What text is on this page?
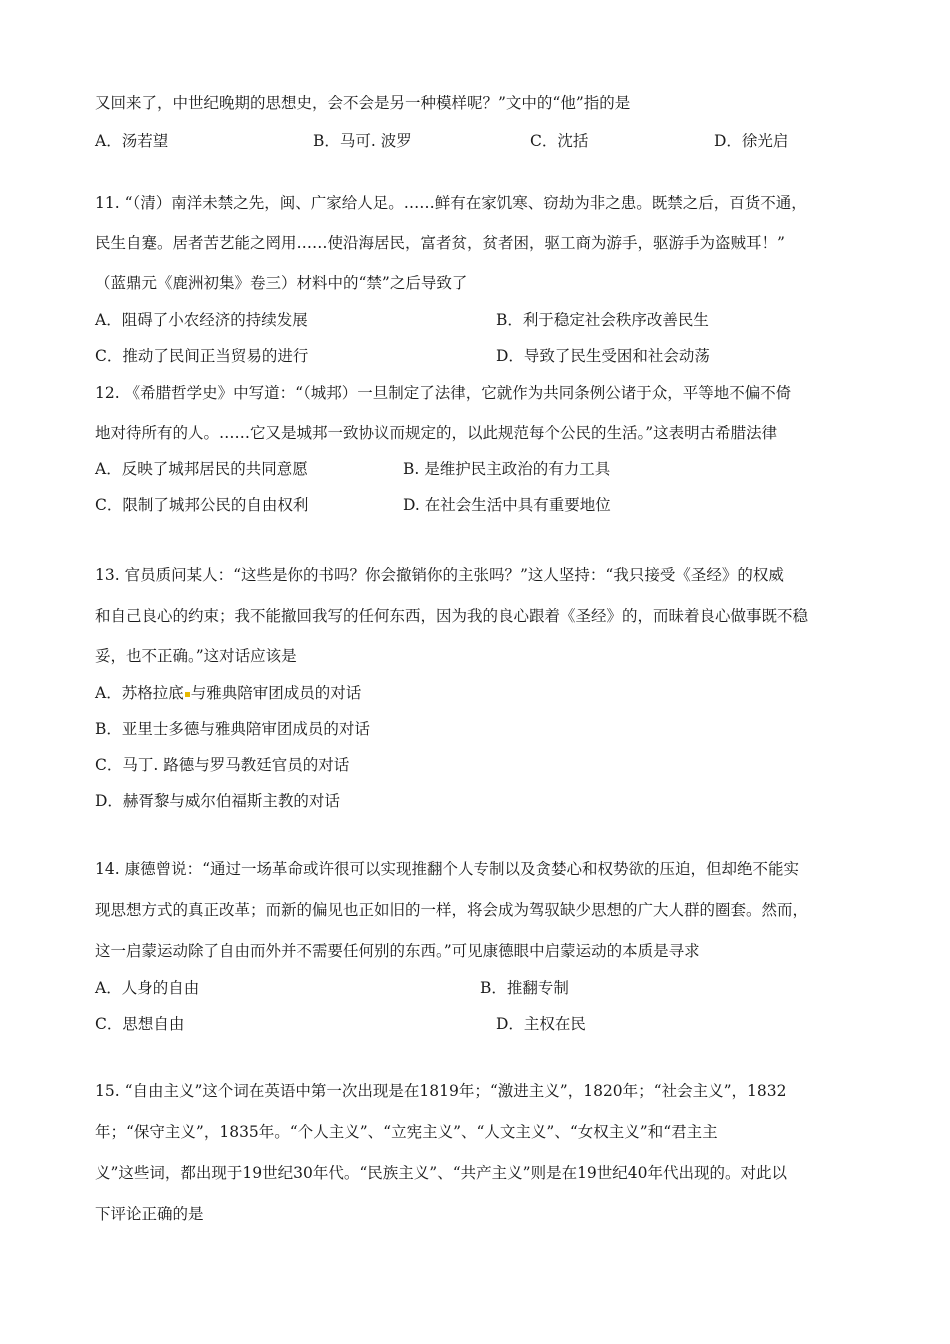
又回来了，中世纪晚期的思想史，会不会是另一种模样呢？”文中的“他”指的是
A．汤若望	B．马可. 波罗	C．沈括	D．徐光启
11. “（清）南洋未禁之先，闽、广家给人足。……鲜有在家饥寒、窃劫为非之患。既禁之后，百货不通，
民生自蹇。居者苦艺能之罔用……使沿海居民，富者贫，贫者困，驱工商为游手，驱游手为盗贼耳！”
（蓝鼎元《鹿洲初集》卷三）材料中的“禁”之后导致了
A．阻碍了小农经济的持续发展	B．利于稳定社会秩序改善民生
C．推动了民间正当贸易的进行	D．导致了民生受困和社会动荡
12. 《希腊哲学史》中写道：“（城邦）一旦制定了法律，它就作为共同条例公诸于众，平等地不偏不倚
地对待所有的人。……它又是城邦一致协议而规定的，以此规范每个公民的生活。”这表明古希腊法律
A．反映了城邦居民的共同意愿	B. 是维护民主政治的有力工具
C．限制了城邦公民的自由权利	D. 在社会生活中具有重要地位
13. 官员质问某人：“这些是你的书吗？你会撤销你的主张吗？”这人坚持：“我只接受《圣经》的权威
和自己良心的约束；我不能撤回我写的任何东西，因为我的良心跟着《圣经》的，而昧着良心做事既不稳
妥，也不正确。”这对话应该是
A．苏格拉底 与雅典陪审团成员的对话
B．亚里士多德与雅典陪审团成员的对话
C．马丁. 路德与罗马教廷官员的对话
D．赫胥黎与威尔伯福斯主教的对话
14. 康德曾说：“通过一场革命或许很可以实现推翻个人专制以及贪婪心和权势欲的压迫，但却绝不能实
现思想方式的真正改革；而新的偏见也正如旧的一样，将会成为驾驭缺少思想的广大人群的圈套。然而，
这一启蒙运动除了自由而外并不需要任何别的东西。”可见康德眼中启蒙运动的本质是寻求
A．人身的自由	B．推翻专制
C．思想自由	D．主权在民
15. “自由主义”这个词在英语中第一次出现是在1819年；“激进主义”，1820年；“社会主义”，1832
年；“保守主义”，1835年。“个人主义”、“立宪主义”、“人文主义”、“女权主义”和“君主主
义”这些词，都出现于19世纪30年代。“民族主义”、“共产主义”则是在19世纪40年代出现的。对此以
下评论正确的是
